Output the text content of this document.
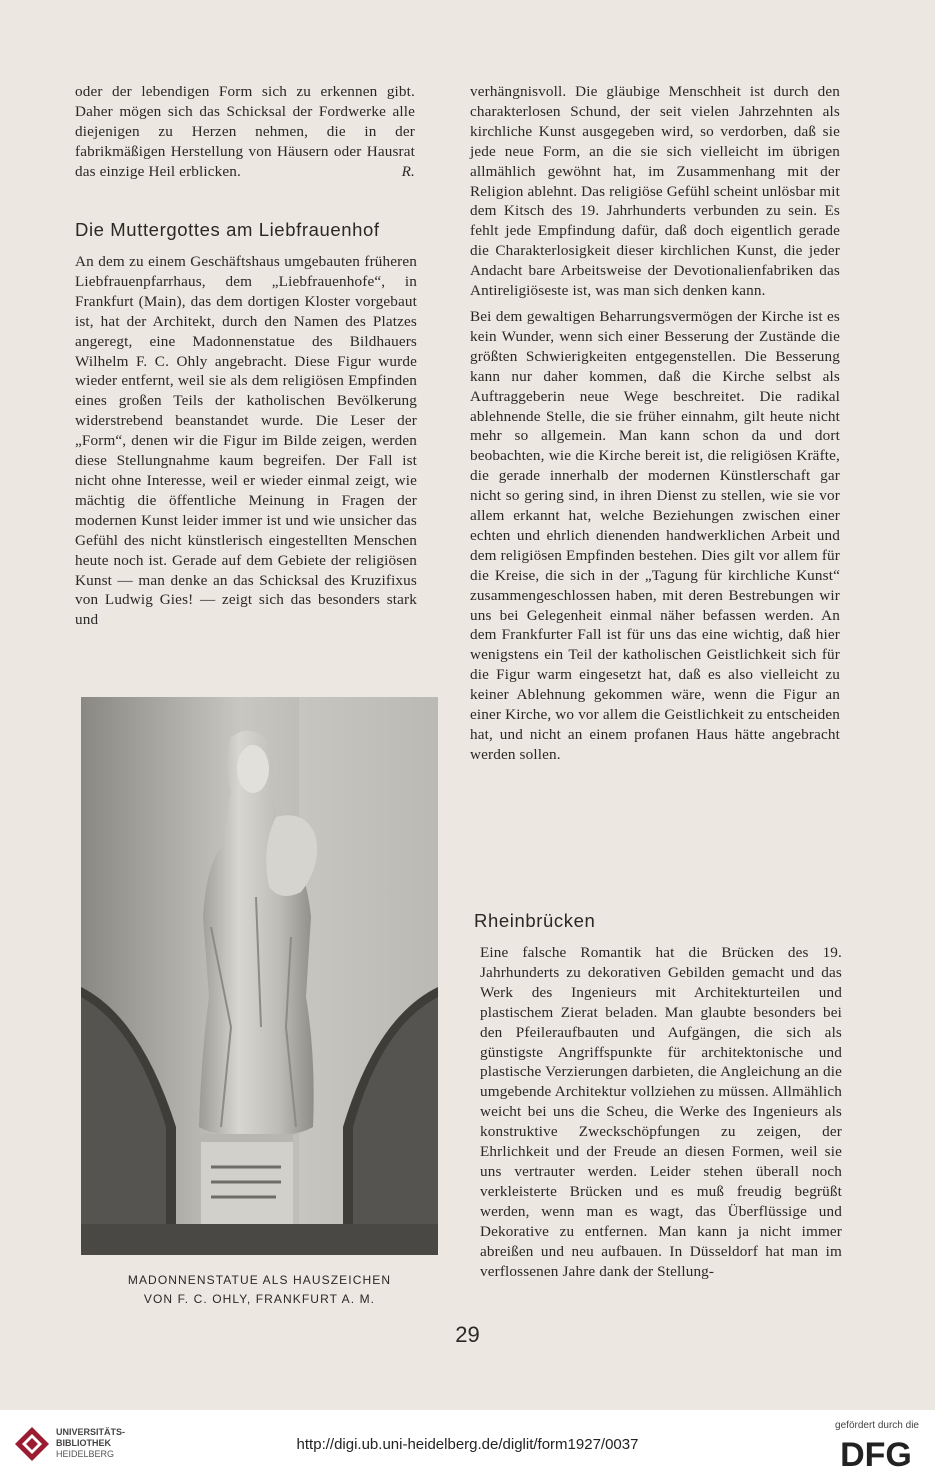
oder der lebendigen Form sich zu erkennen gibt. Daher mögen sich das Schicksal der Fordwerke alle diejenigen zu Herzen nehmen, die in der fabrikmäßigen Herstellung von Häusern oder Hausrat das einzige Heil erblicken.	R.

Die Muttergottes am Liebfrauenhof

An dem zu einem Geschäftshaus umgebauten früheren Liebfrauenpfarrhaus, dem „Liebfrauenhofe“, in Frankfurt (Main), das dem dortigen Kloster vorgebaut ist, hat der Architekt, durch den Namen des Platzes angeregt, eine Madonnenstatue des Bildhauers Wilhelm F. C. Ohly angebracht. Diese Figur wurde wieder entfernt, weil sie als dem religiösen Empfinden eines großen Teils der katholischen Bevölkerung widerstrebend beanstandet wurde. Die Leser der „Form“, denen wir die Figur im Bilde zeigen, werden diese Stellungnahme kaum begreifen. Der Fall ist nicht ohne Interesse, weil er wieder einmal zeigt, wie mächtig die öffentliche Meinung in Fragen der modernen Kunst leider immer ist und wie unsicher das Gefühl des nicht künstlerisch eingestellten Menschen heute noch ist. Gerade auf dem Gebiete der religiösen Kunst — man denke an das Schicksal des Kruzifixus von Ludwig Gies! — zeigt sich das besonders stark und

MADONNENSTATUE ALS HAUSZEICHEN
VON F. C. OHLY, FRANKFURT A. M.

verhängnisvoll. Die gläubige Menschheit ist durch den charakterlosen Schund, der seit vielen Jahrzehnten als kirchliche Kunst ausgegeben wird, so verdorben, daß sie jede neue Form, an die sie sich vielleicht im übrigen allmählich gewöhnt hat, im Zusammenhang mit der Religion ablehnt. Das religiöse Gefühl scheint unlösbar mit dem Kitsch des 19. Jahrhunderts verbunden zu sein. Es fehlt jede Empfindung dafür, daß doch eigentlich gerade die Charakterlosigkeit dieser kirchlichen Kunst, die jeder Andacht bare Arbeitsweise der Devotionalienfabriken das Antireligiöseste ist, was man sich denken kann.

Bei dem gewaltigen Beharrungsvermögen der Kirche ist es kein Wunder, wenn sich einer Besserung der Zustände die größten Schwierigkeiten entgegenstellen. Die Besserung kann nur daher kommen, daß die Kirche selbst als Auftraggeberin neue Wege beschreitet. Die radikal ablehnende Stelle, die sie früher einnahm, gilt heute nicht mehr so allgemein. Man kann schon da und dort beobachten, wie die Kirche bereit ist, die religiösen Kräfte, die gerade innerhalb der modernen Künstlerschaft gar nicht so gering sind, in ihren Dienst zu stellen, wie sie vor allem erkannt hat, welche Beziehungen zwischen einer echten und ehrlich dienenden handwerklichen Arbeit und dem religiösen Empfinden bestehen. Dies gilt vor allem für die Kreise, die sich in der „Tagung für kirchliche Kunst“ zusammengeschlossen haben, mit deren Bestrebungen wir uns bei Gelegenheit einmal näher befassen werden. An dem Frankfurter Fall ist für uns das eine wichtig, daß hier wenigstens ein Teil der katholischen Geistlichkeit sich für die Figur warm eingesetzt hat, daß es also vielleicht zu keiner Ablehnung gekommen wäre, wenn die Figur an einer Kirche, wo vor allem die Geistlichkeit zu entscheiden hat, und nicht an einem profanen Haus hätte angebracht werden sollen.

Rheinbrücken

Eine falsche Romantik hat die Brücken des 19. Jahrhunderts zu dekorativen Gebilden gemacht und das Werk des Ingenieurs mit Architekturteilen und plastischem Zierat beladen. Man glaubte besonders bei den Pfeileraufbauten und Aufgängen, die sich als günstigste Angriffspunkte für architektonische und plastische Verzierungen darbieten, die Angleichung an die umgebende Architektur vollziehen zu müssen. Allmählich weicht bei uns die Scheu, die Werke des Ingenieurs als konstruktive Zweckschöpfungen zu zeigen, der Ehrlichkeit und der Freude an diesen Formen, weil sie uns vertrauter werden. Leider stehen überall noch verkleisterte Brücken und es muß freudig begrüßt werden, wenn man es wagt, das Überflüssige und Dekorative zu entfernen. Man kann ja nicht immer abreißen und neu aufbauen. In Düsseldorf hat man im verflossenen Jahre dank der Stellung-

29
UNIVERSITÄTS-
BIBLIOTHEK
HEIDELBERG
http://digi.ub.uni-heidelberg.de/diglit/form1927/0037
gefördert durch die
DFG
